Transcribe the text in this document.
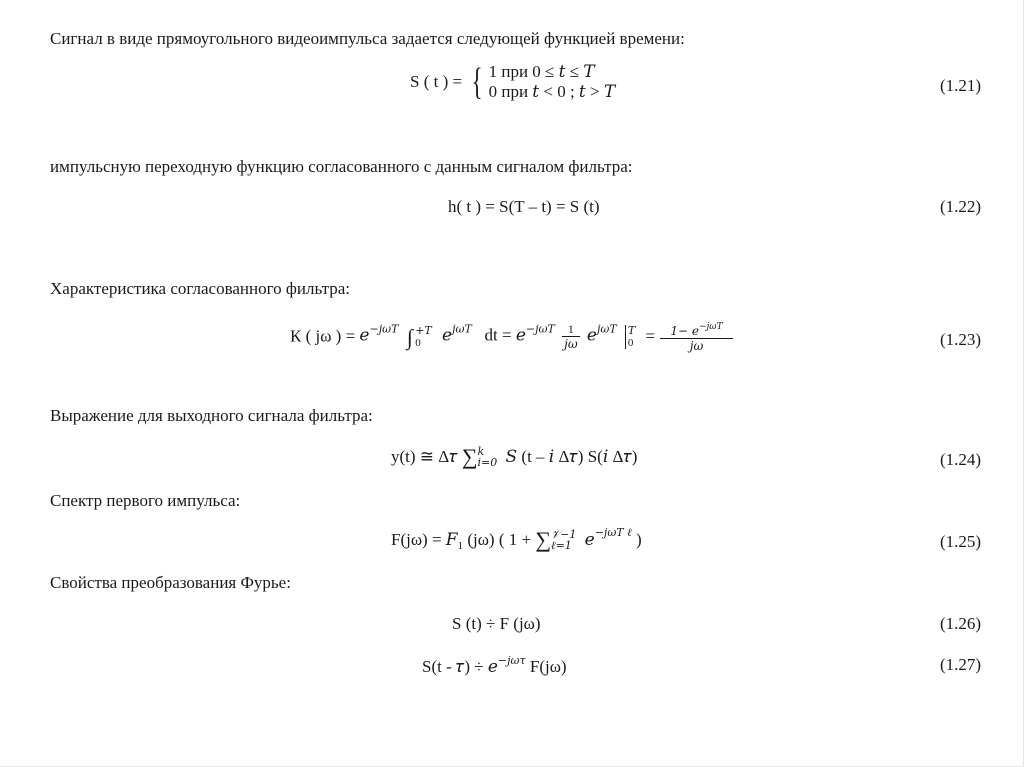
Сигнал в виде прямоугольного видеоимпульса задается следующей функцией времени:
S ( t ) = { 1 при 0 ≤ 𝑡 ≤ 𝑇
0 при 𝑡 < 0 ; 𝑡 > 𝑇	(1.21)
импульсную переходную функцию согласованного с данным сигналом фильтра:
h( t ) = S(T – t) = S (t)	(1.22)
Характеристика согласованного фильтра:
К ( jω ) = 𝑒$^{-𝑗𝜔𝑇}$ ∫ +𝑇
0	𝑒$^{𝑗𝜔𝑇}$ dt = 𝑒$^{-𝑗𝜔𝑇}$ $\frac{1}{\text{𝑗𝜔}}$ 𝑒$^{𝑗𝜔𝑇}$ 𝑇
$0 = \frac{1- 𝑒^{-𝑗𝜔𝑇}}{\text{𝑗𝜔}}$	(1.23)
Выражение для выходного сигнала фильтра:
y(t) ≅ Δ𝜏 ∑ 𝑘
𝑖=0 𝑆 (t – 𝑖 Δ𝜏) S(𝑖 Δ𝜏)	(1.24)
Спектр первого импульса:
F(jω) = 𝐹$_1$ (jω) ( 1 + ∑ 𝒱−1
ℓ=1 𝑒$^{-𝑗𝜔𝑇 \ell}$ )	(1.25)
Свойства преобразования Фурье:
S (t) ÷ F (jω)	(1.26)
S(t - 𝜏) ÷ 𝑒$^{-𝑗𝜔𝜏}$ F(jω)	(1.27)
